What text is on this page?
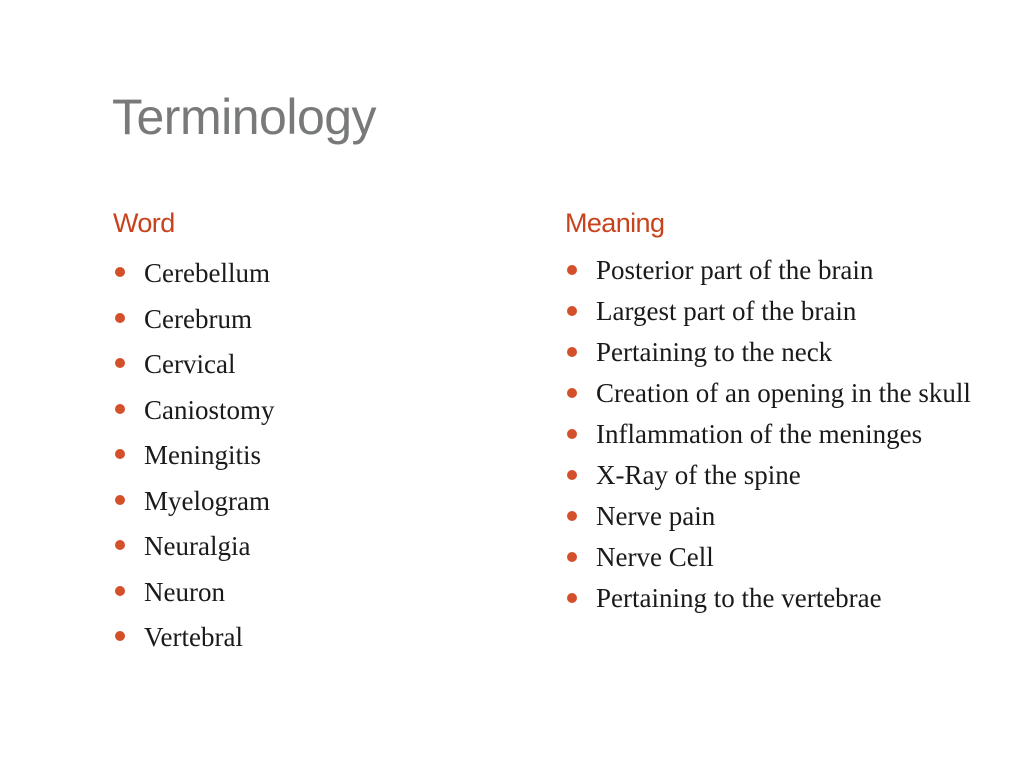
Terminology
Word	Meaning
Cerebellum
Cerebrum
Cervical
Caniostomy
Meningitis
Myelogram
Neuralgia
Neuron
Vertebral
Posterior part of the brain
Largest part of the brain
Pertaining to the neck
Creation of an opening in the skull
Inflammation of the meninges
X-Ray of the spine
Nerve pain
Nerve Cell
Pertaining to the vertebrae
